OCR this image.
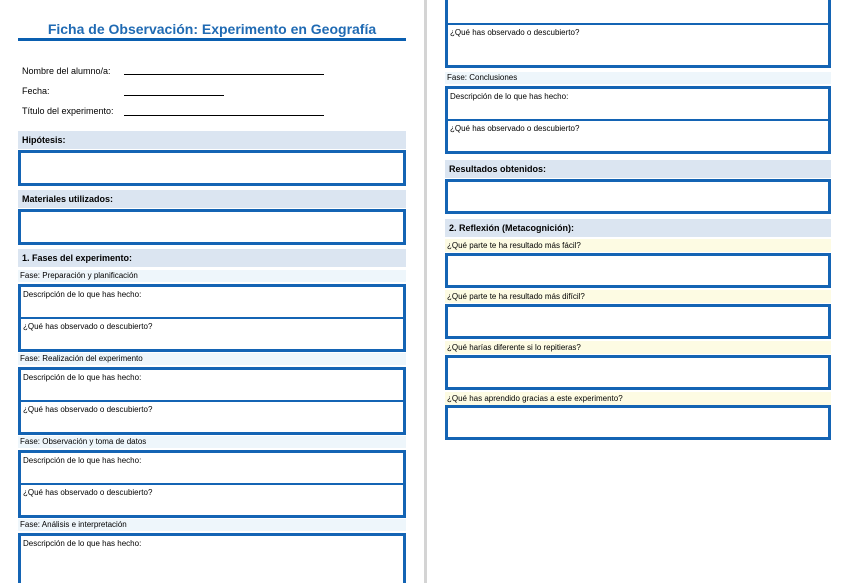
Ficha de Observación: Experimento en Geografía
Nombre del alumno/a:
Fecha:
Título del experimento:
Hipótesis:
Materiales utilizados:
1. Fases del experimento:
Fase: Preparación y planificación
Descripción de lo que has hecho:
¿Qué has observado o descubierto?
Fase: Realización del experimento
Descripción de lo que has hecho:
¿Qué has observado o descubierto?
Fase: Observación y toma de datos
Descripción de lo que has hecho:
¿Qué has observado o descubierto?
Fase: Análisis e interpretación
Descripción de lo que has hecho:
¿Qué has observado o descubierto?
Fase: Conclusiones
Descripción de lo que has hecho:
¿Qué has observado o descubierto?
Resultados obtenidos:
2. Reflexión (Metacognición):
¿Qué parte te ha resultado más fácil?
¿Qué parte te ha resultado más difícil?
¿Qué harías diferente si lo repitieras?
¿Qué has aprendido gracias a este experimento?
